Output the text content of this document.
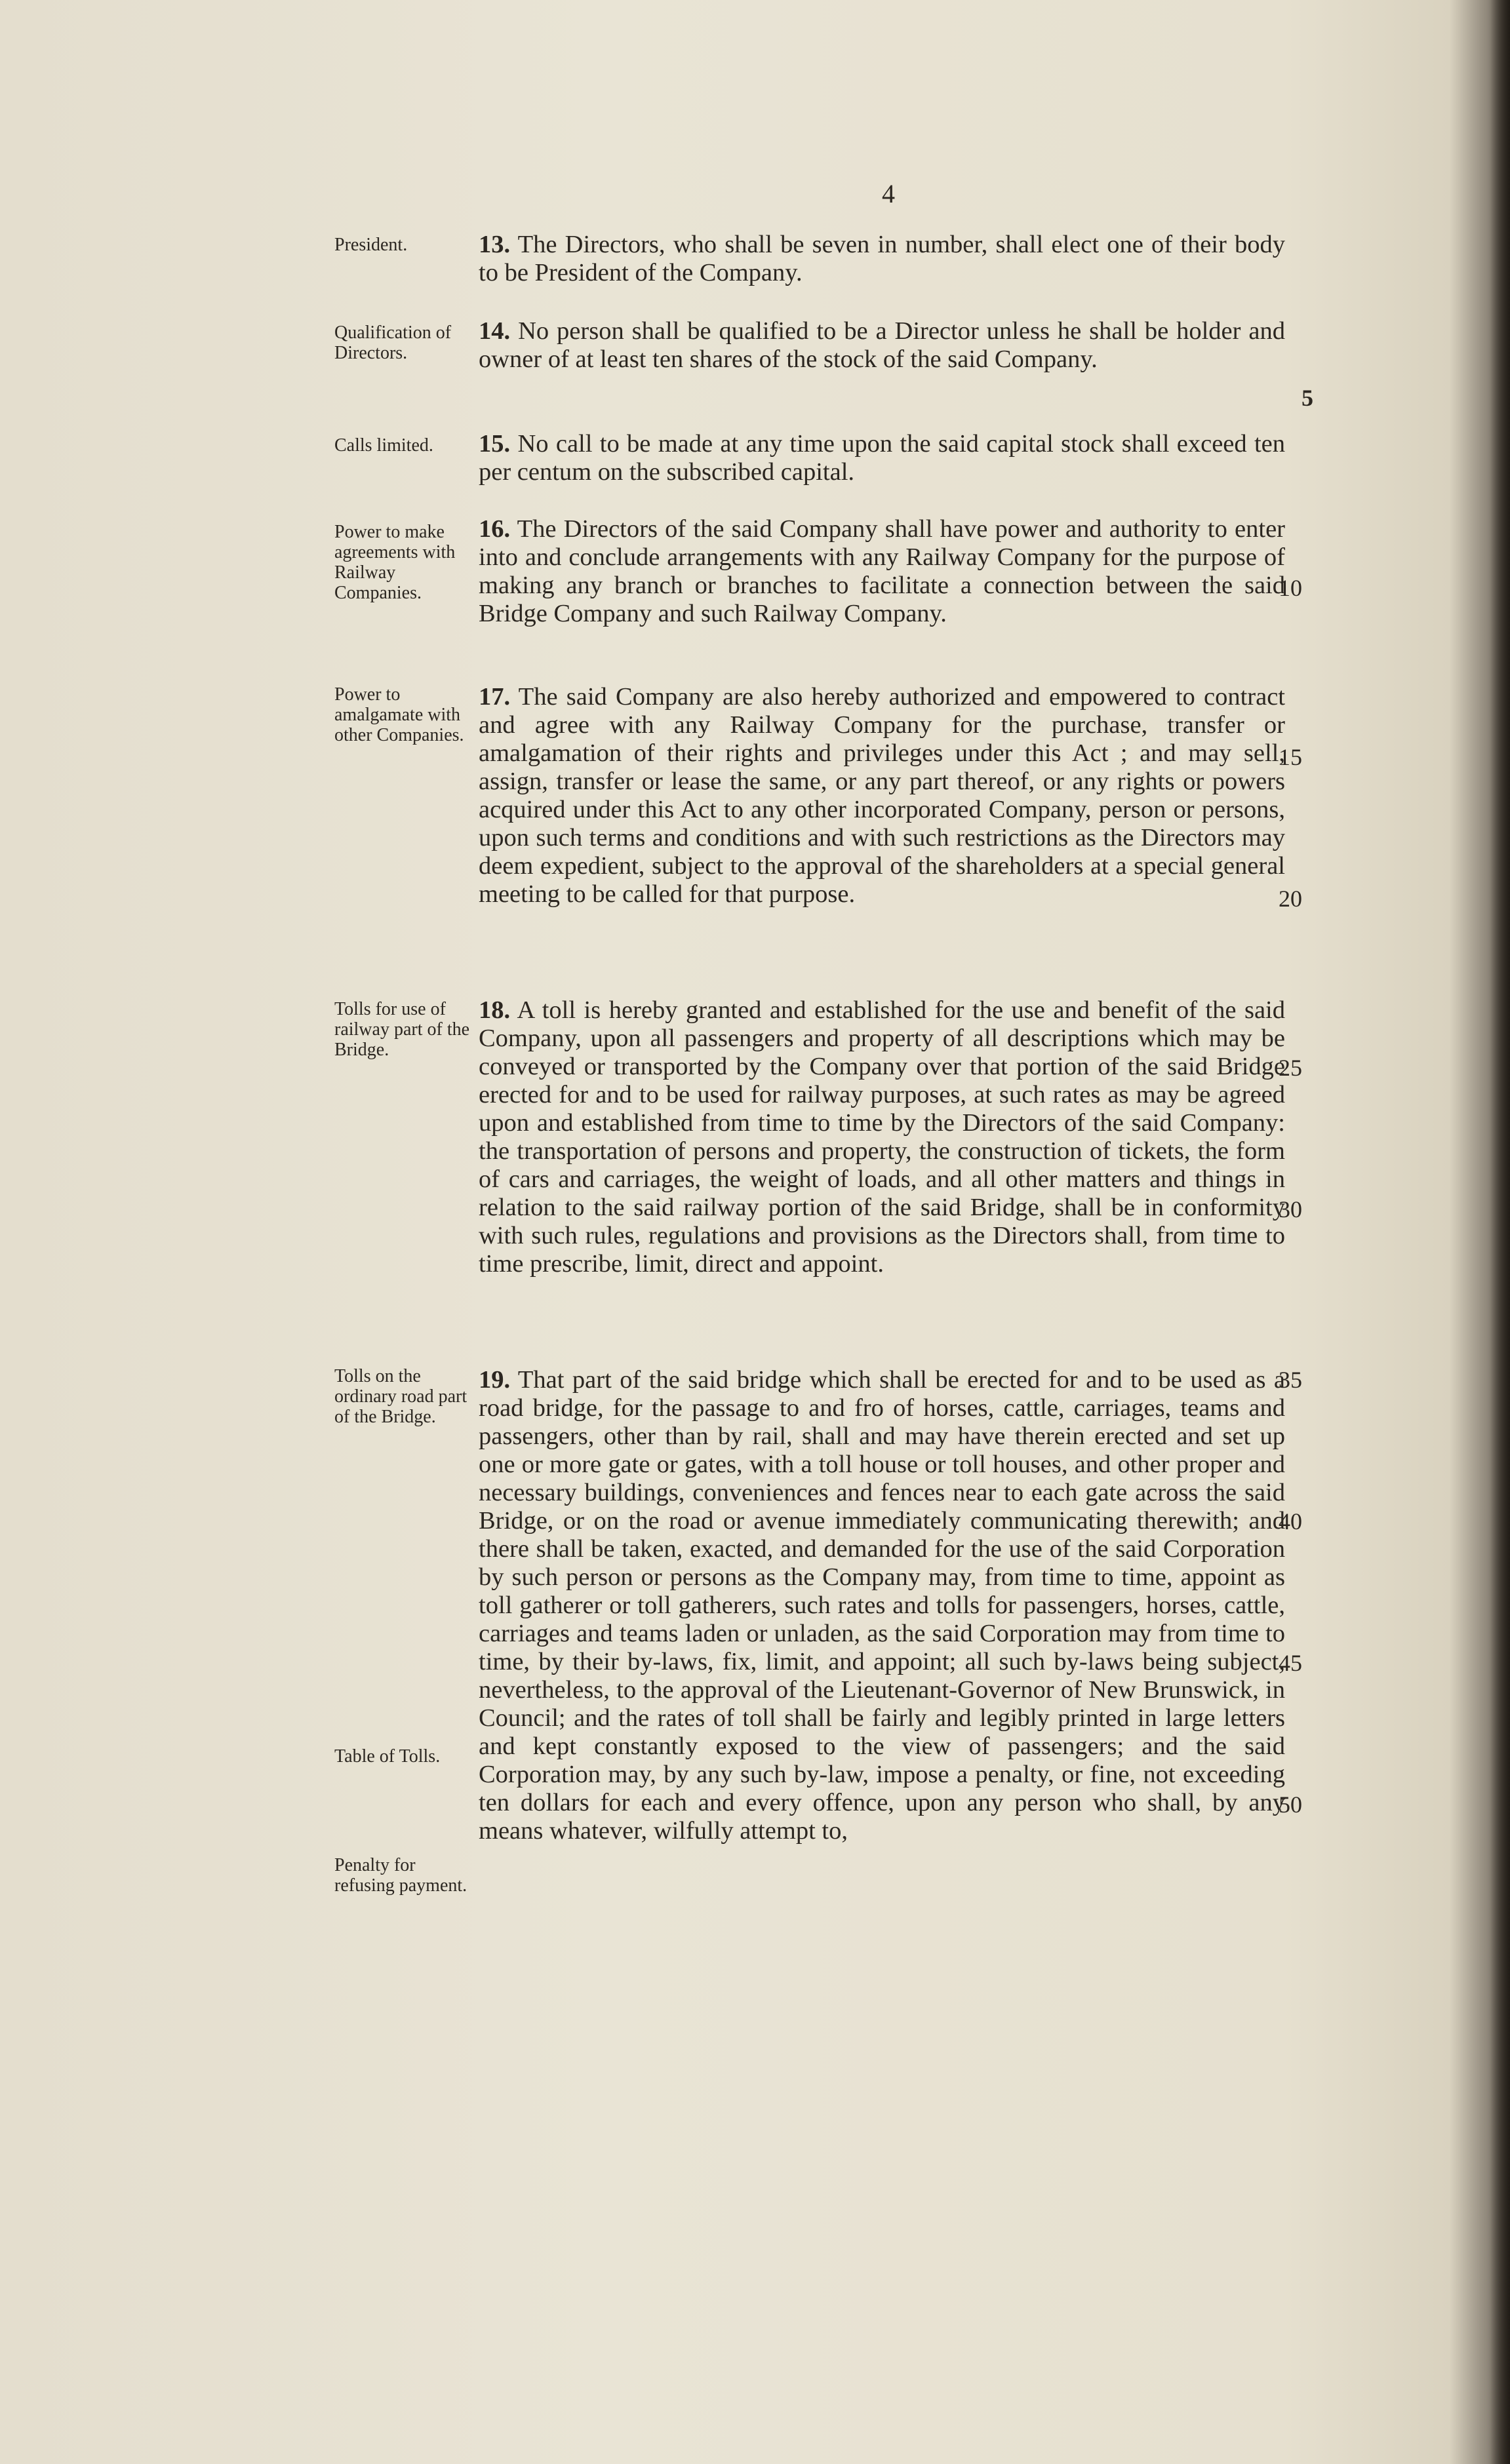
4
President.	13. The Directors, who shall be seven in number, shall elect one of their body to be President of the Company.
Qualification of Directors.
14. No person shall be qualified to be a Director unless he shall be holder and owner of at least ten shares of the stock of the said Company.
Calls limited.	15. No call to be made at any time upon the said capital stock shall exceed ten per centum on the subscribed capital.
Power to make agreements with Railway Companies.
16. The Directors of the said Company shall have power and authority to enter into and conclude arrangements with any Railway Company for the purpose of making any branch or branches to facilitate a connection between the said Bridge Company and such Railway Company.
Power to amalgamate with other Companies.
17. The said Company are also hereby authorized and empowered to contract and agree with any Railway Company for the purchase, transfer or amalgamation of their rights and privileges under this Act ; and may sell, assign, transfer or lease the same, or any part thereof, or any rights or powers acquired under this Act to any other incorporated Company, person or persons, upon such terms and conditions and with such restrictions as the Directors may deem expedient, subject to the approval of the shareholders at a special general meeting to be called for that purpose.
Tolls for use of railway part of the Bridge.
18. A toll is hereby granted and established for the use and benefit of the said Company, upon all passengers and property of all descriptions which may be conveyed or transported by the Company over that portion of the said Bridge erected for and to be used for railway purposes, at such rates as may be agreed upon and established from time to time by the Directors of the said Company: the transportation of persons and property, the construction of tickets, the form of cars and carriages, the weight of loads, and all other matters and things in relation to the said railway portion of the said Bridge, shall be in conformity with such rules, regulations and provisions as the Directors shall, from time to time prescribe, limit, direct and appoint.
Tolls on the ordinary road part of the Bridge.
19. That part of the said bridge which shall be erected for and to be used as a road bridge, for the passage to and fro of horses, cattle, carriages, teams and passengers, other than by rail, shall and may have therein erected and set up one or more gate or gates, with a toll house or toll houses, and other proper and necessary buildings, conveniences and fences near to each gate across the said Bridge, or on the road or avenue immediately communicating therewith; and there shall be taken, exacted, and demanded for the use of the said Corporation by such person or persons as the Company may, from time to time, appoint as toll gatherer or toll gatherers, such rates and tolls for passengers, horses, cattle, carriages and teams laden or unladen, as the said Corporation may from time to time, by their by-laws, fix, limit, and appoint; all such by-laws being subject, nevertheless, to the approval of the Lieutenant-Governor of New Brunswick, in Council; and the rates of toll shall be fairly and legibly printed in large letters and kept constantly exposed to the view of passengers; and the said Corporation may, by any such by-law, impose a penalty, or fine, not exceeding ten dollars for each and every offence, upon any person who shall, by any means whatever, wilfully attempt to,
Table of Tolls.
Penalty for refusing payment.
5
10
15
20
25
30
35
40
45
50
